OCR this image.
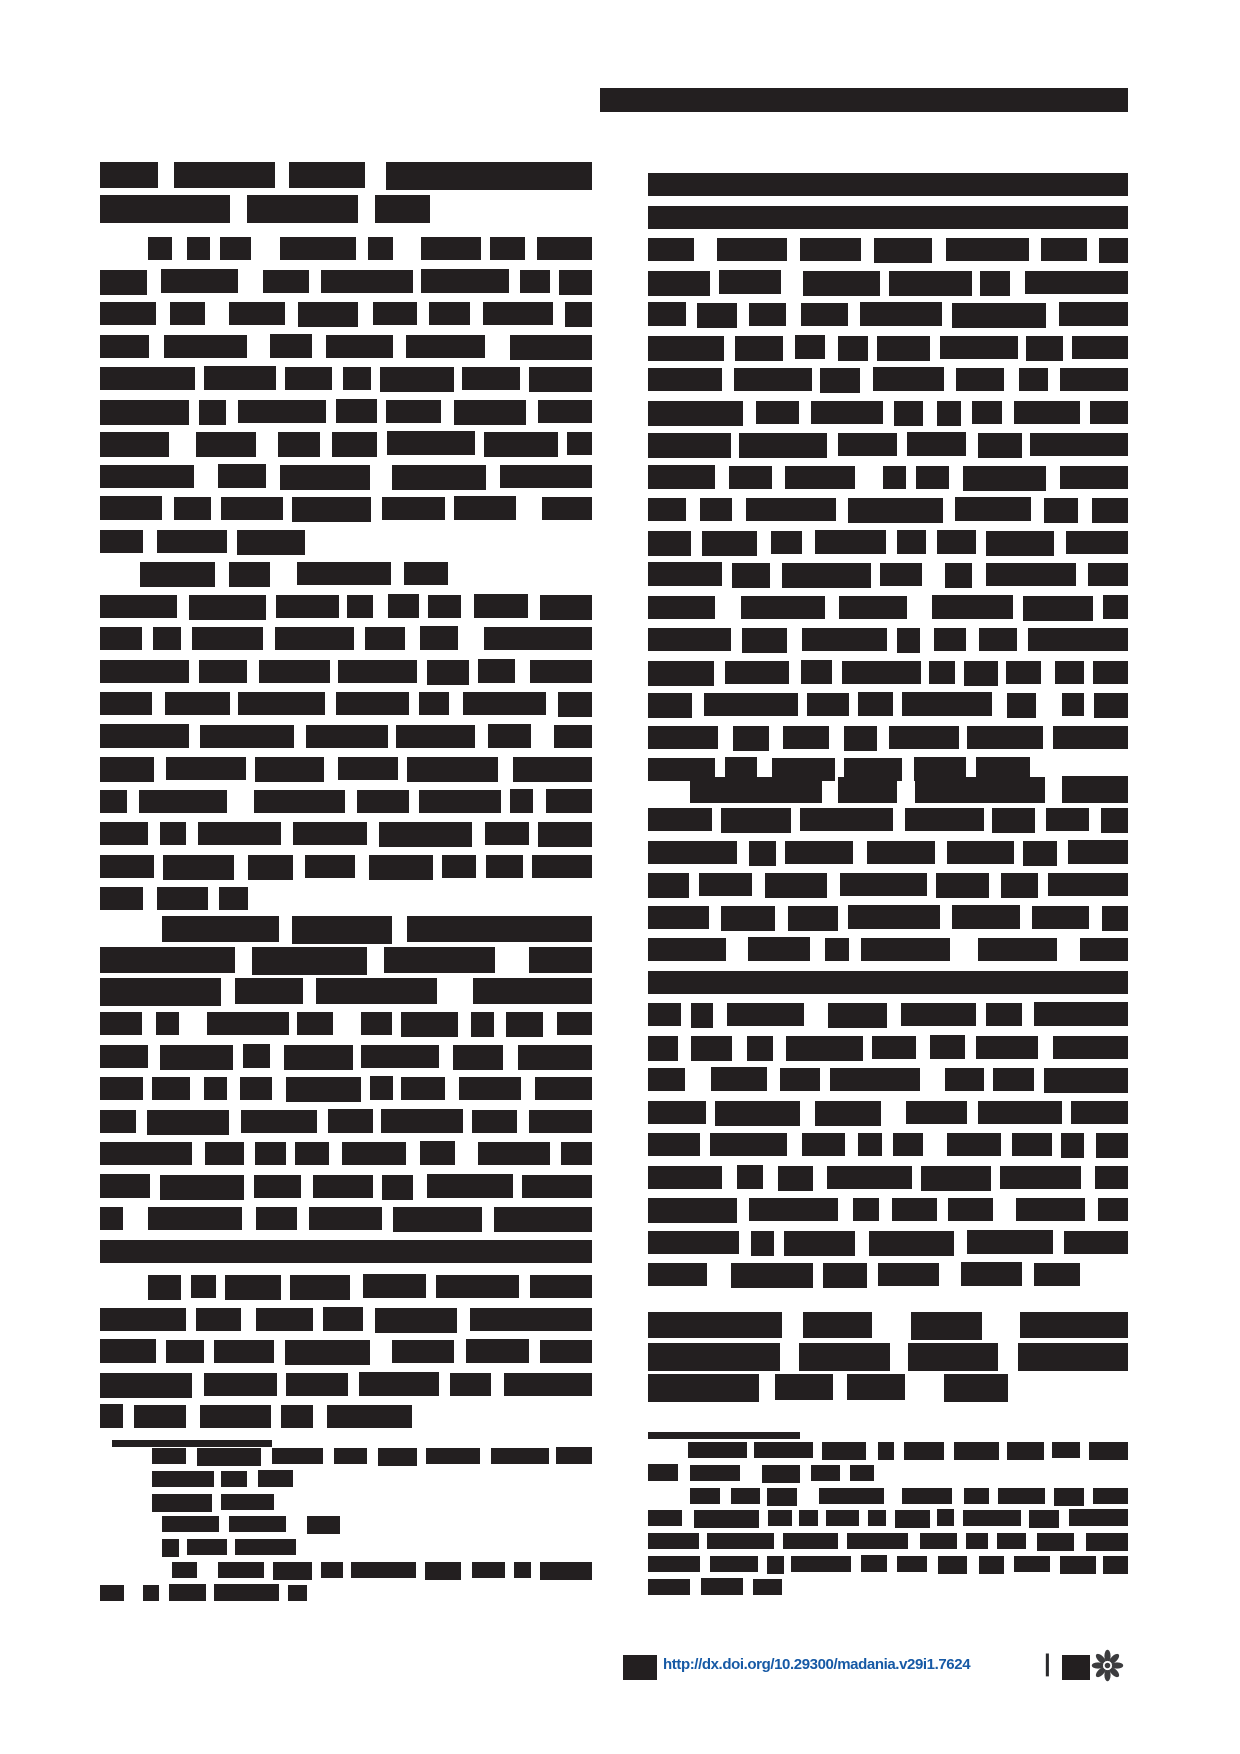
http://dx.doi.org/10.29300/madania.v29i1.7624	|
